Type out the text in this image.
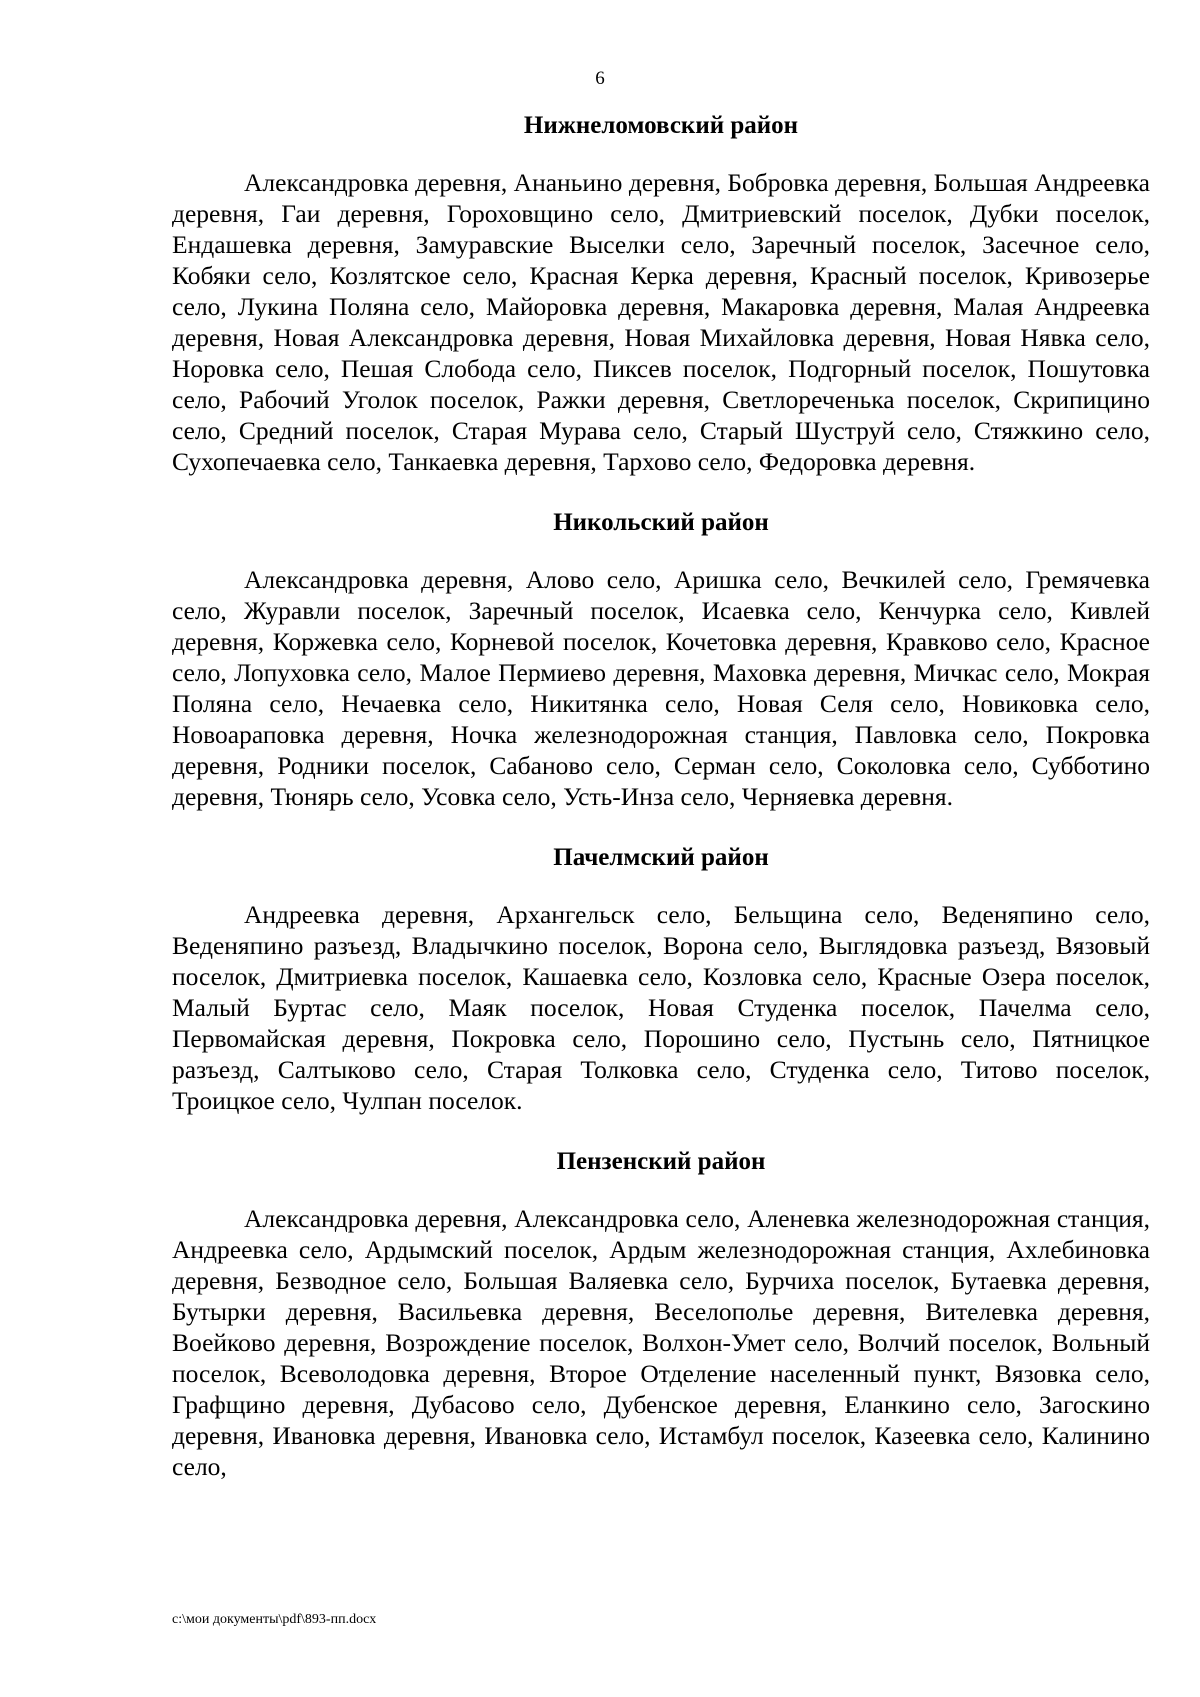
6
Нижнеломовский район
Александровка деревня, Ананьино деревня, Бобровка деревня, Большая Андреевка деревня, Гаи деревня, Гороховщино село, Дмитриевский поселок, Дубки поселок, Ендашевка деревня, Замуравские Выселки село, Заречный поселок, Засечное село, Кобяки село, Козлятское село, Красная Керка деревня, Красный поселок, Кривозерье село, Лукина Поляна село, Майоровка деревня, Макаровка деревня, Малая Андреевка деревня, Новая Александровка деревня, Новая Михайловка деревня, Новая Нявка село, Норовка село, Пешая Слобода село, Пиксев поселок, Подгорный поселок, Пошутовка село, Рабочий Уголок поселок, Ражки деревня, Светлореченька поселок, Скрипицино село, Средний поселок, Старая Мурава село, Старый Шуструй село, Стяжкино село, Сухопечаевка село, Танкаевка деревня, Тархово село, Федоровка деревня.
Никольский район
Александровка деревня, Алово село, Аришка село, Вечкилей село, Гремячевка село, Журавли поселок, Заречный поселок, Исаевка село, Кенчурка село, Кивлей деревня, Коржевка село, Корневой поселок, Кочетовка деревня, Кравково село, Красное село, Лопуховка село, Малое Пермиево деревня, Маховка деревня, Мичкас село, Мокрая Поляна село, Нечаевка село, Никитянка село, Новая Селя село, Новиковка село, Новоараповка деревня, Ночка железнодорожная станция, Павловка село, Покровка деревня, Родники поселок, Сабаново село, Серман село, Соколовка село, Субботино деревня, Тюнярь село, Усовка село, Усть-Инза село, Черняевка деревня.
Пачелмский район
Андреевка деревня, Архангельск село, Бельщина село, Веденяпино село, Веденяпино разъезд, Владычкино поселок, Ворона село, Выглядовка разъезд, Вязовый поселок, Дмитриевка поселок, Кашаевка село, Козловка село, Красные Озера поселок, Малый Буртас село, Маяк поселок, Новая Студенка поселок, Пачелма село, Первомайская деревня, Покровка село, Порошино село, Пустынь село, Пятницкое разъезд, Салтыково село, Старая Толковка село, Студенка село, Титово поселок, Троицкое село, Чулпан поселок.
Пензенский район
Александровка деревня, Александровка село, Аленевка железнодорожная станция, Андреевка село, Ардымский поселок, Ардым железнодорожная станция, Ахлебиновка деревня, Безводное село, Большая Валяевка село, Бурчиха поселок, Бутаевка деревня, Бутырки деревня, Васильевка деревня, Веселополье деревня, Вителевка деревня, Воейково деревня, Возрождение поселок, Волхон-Умет село, Волчий поселок, Вольный поселок, Всеволодовка деревня, Второе Отделение населенный пункт, Вязовка село, Графщино деревня, Дубасово село, Дубенское деревня, Еланкино село, Загоскино деревня, Ивановка деревня, Ивановка село, Истамбул поселок, Казеевка село, Калинино село,
c:\мои документы\pdf\893-пп.docx
